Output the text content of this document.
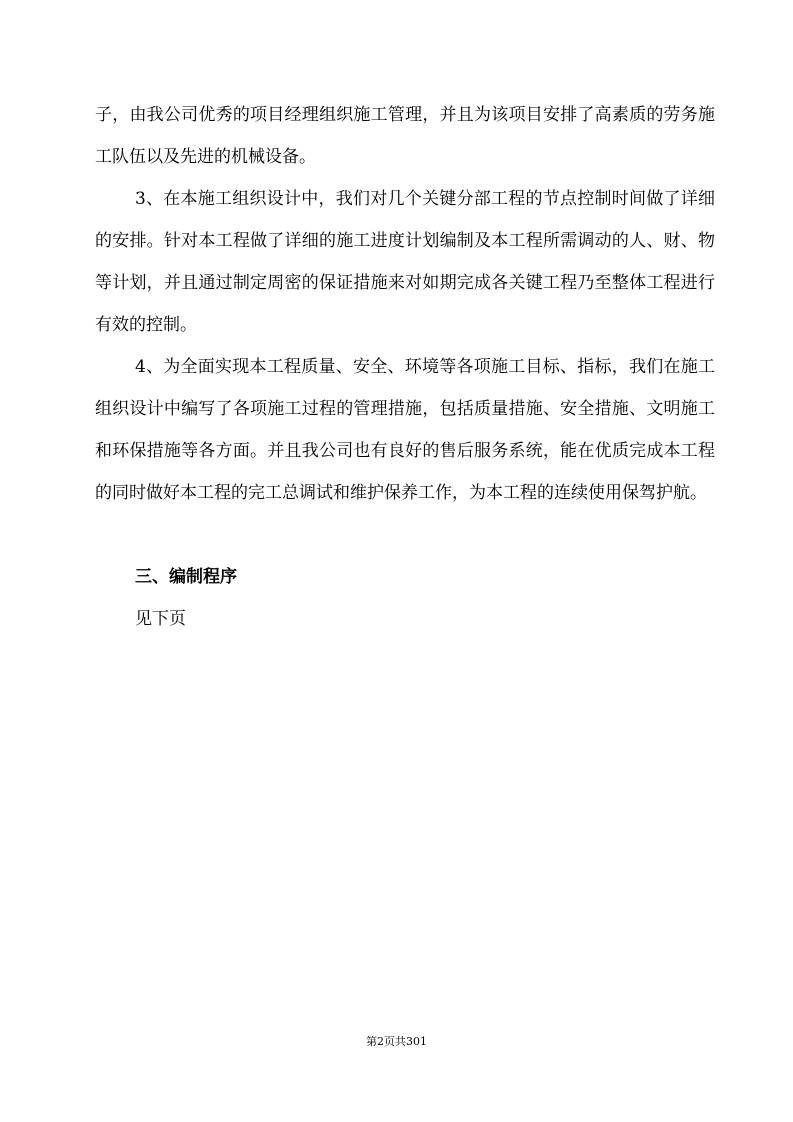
子，由我公司优秀的项目经理组织施工管理，并且为该项目安排了高素质的劳务施工队伍以及先进的机械设备。

3、在本施工组织设计中，我们对几个关键分部工程的节点控制时间做了详细的安排。针对本工程做了详细的施工进度计划编制及本工程所需调动的人、财、物等计划，并且通过制定周密的保证措施来对如期完成各关键工程乃至整体工程进行有效的控制。

4、为全面实现本工程质量、安全、环境等各项施工目标、指标，我们在施工组织设计中编写了各项施工过程的管理措施，包括质量措施、安全措施、文明施工和环保措施等各方面。并且我公司也有良好的售后服务系统，能在优质完成本工程的同时做好本工程的完工总调试和维护保养工作，为本工程的连续使用保驾护航。

三、编制程序

见下页

第2页共301
